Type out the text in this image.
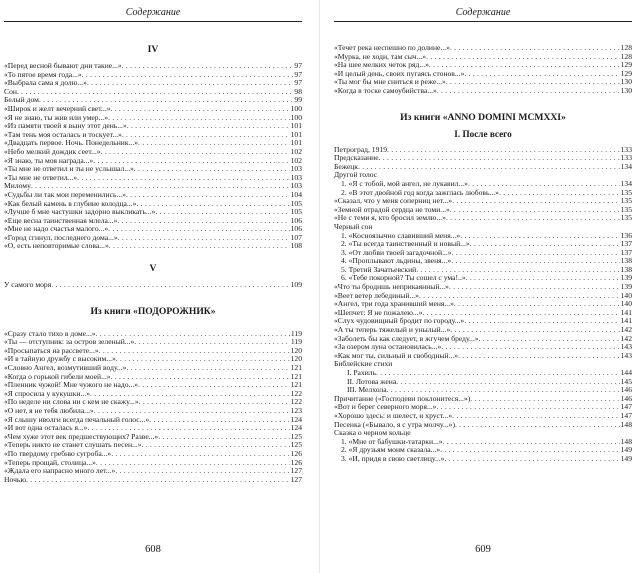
Содержание
IV
«Перед весной бывают дни такие...» . . .	97
«То пятое время года...» . . .	97
«Выбрала сама я долю...» . . .	97
Сон . . .	98
Белый дом . . .	99
«Широк и желт вечерний свет...» . . .	100
«Я не знаю, ты жив или умер...» . . .	100
«Из памяти твоей я выну этот день...» . . .	101
«Там тень моя осталась и тоскует...» . . .	101
«Двадцать первое. Ночь. Понедельник...» . . .	101
«Небо мелкий дождик сеет...» . . .	102
«Я знаю, ты моя награда...» . . .	102
«Ты мне не ответил и ты не услышал...» . . .	103
«Ты мне не ответил...» . . .	103
Милому . . .	103
«Судьбы ли так мои переменились...» . . .	104
«Как белый камень в глубине колодца...» . . .	105
«Лучше б мне частушки задорно выкликать...» . . .	105
«Еще весна таинственная млела...» . . .	106
«Мне не надо счастья малого...» . . .	106
«Город сгинул, последнего дома...» . . .	107
«О, есть неповторимые слова...» . . .	108
V
У самого моря . . .	109
Из книги «ПОДОРОЖНИК»
«Сразу стало тихо в доме...» . . .	119
«Ты — отступник: за остров зеленый...» . . .	119
«Просыпаться на рассвете...» . . .	120
«И в тайную дружбу с высоким...» . . .	120
«Словно Ангел, возмутивший воду...» . . .	121
«Когда о горькой гибели моей...» . . .	121
«Пленник чужой! Мне чужого не надо...» . . .	121
«Я спросила у кукушки...» . . .	122
«По неделе ни слова ни с кем не скажу...» . . .	122
«О нет, я не тебя любила...» . . .	123
«Я слышу иволги всегда печальный голос...» . . .	124
«И вот одна осталась я...» . . .	124
«Чем хуже этот век предшествующих? Разве...» . . .	125
«Теперь никто не станет слушать песен...» . . .	125
«По твердому гребню сугроба...» . . .	126
«Теперь прощай, столица...» . . .	126
«Ждала его напрасно много лет...» . . .	127
Ночью . . .	127
608
Содержание
«Течет река неспешно по долине...» . . .	128
«Мурка, не ходи, там сыч...» . . .	128
«На шее мелких четок ряд...» . . .	129
«И целый день, своих пугаясь стонов...» . . .	129
«Ты мог бы мне сниться и реже...» . . .	130
«Когда в тоске самоубийства...» . . .	130
Из книги «ANNO DOMINI MCMXXI»
I. После всего
Петроград, 1919 . . .	133
Предсказание . . .	133
Бежецк . . .	134
Другой голос
1. «Я с тобой, мой ангел, не лукавил...» . . .	134
2. «В этот двойной год когда зажглась любовь...» . . .	135
«Сказал, что у меня соперниц нет...» . . .	135
«Земной отрадой сердца не томи...» . . .	135
«Не с теми я, кто бросил землю...» . . .	135
Черный сон
1. «Косноязычно славивший меня...» . . .	136
2. «Ты всегда таинственный и новый...» . . .	137
3. «От любви твоей загадочной...» . . .	137
4. «Проплывают льдины, звеня...» . . .	138
5. Третий Зачатьевский . . .	138
6. «Тебе покорной? Ты сошел с ума!..» . . .	139
«Что ты бродишь неприкаянный...» . . .	139
«Веет ветер лебединый...» . . .	140
«Ангел, три года хранивший меня...» . . .	140
«Шепчет: Я не пожалею...» . . .	141
«Слух чудовищный бродит по городу...» . . .	141
«А ты теперь тяжелый и унылый...» . . .	142
«Заболеть бы как следует, в жгучем бреду...» . . .	142
«За озером луна остановилась...» . . .	143
«Как мог ты, сильный и свободный...» . . .	143
Библейские стихи
I. Рахиль . . .	144
II. Лотова жена . . .	145
III. Мелхола . . .	146
Причитание («Господеви поклонитеся...») . . .	146
«Вот и берег северного моря...» . . .	147
«Хорошо здесь: и шелест, и хруст...» . . .	147
Песенка («Бывало, я с утра молчу...») . . .	148
Сказка о черном кольце
1. «Мне от бабушки-татарки...» . . .	148
2. «Я друзьям моим сказала...» . . .	149
3. «И, придя в свою светлицу...» . . .	149
609
